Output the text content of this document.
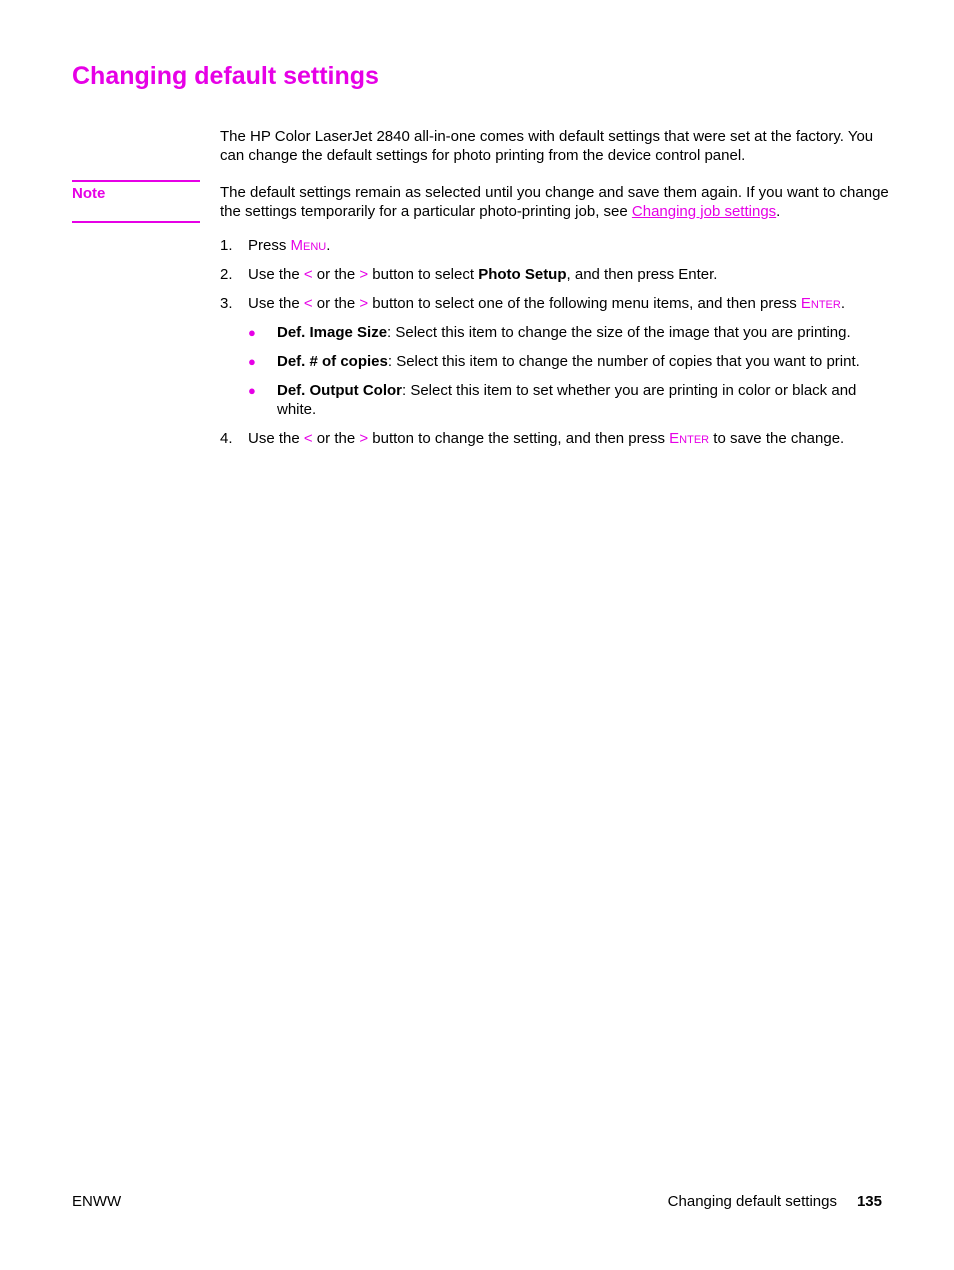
Changing default settings

The HP Color LaserJet 2840 all-in-one comes with default settings that were set at the factory. You can change the default settings for photo printing from the device control panel.

Note	The default settings remain as selected until you change and save them again. If you want to change the settings temporarily for a particular photo-printing job, see Changing job settings.

1. Press Menu.
2. Use the < or the > button to select Photo Setup, and then press Enter.
3. Use the < or the > button to select one of the following menu items, and then press Enter.
● Def. Image Size: Select this item to change the size of the image that you are printing.
● Def. # of copies: Select this item to change the number of copies that you want to print.
● Def. Output Color: Select this item to set whether you are printing in color or black and white.
4. Use the < or the > button to change the setting, and then press Enter to save the change.
ENWW	Changing default settings 135
